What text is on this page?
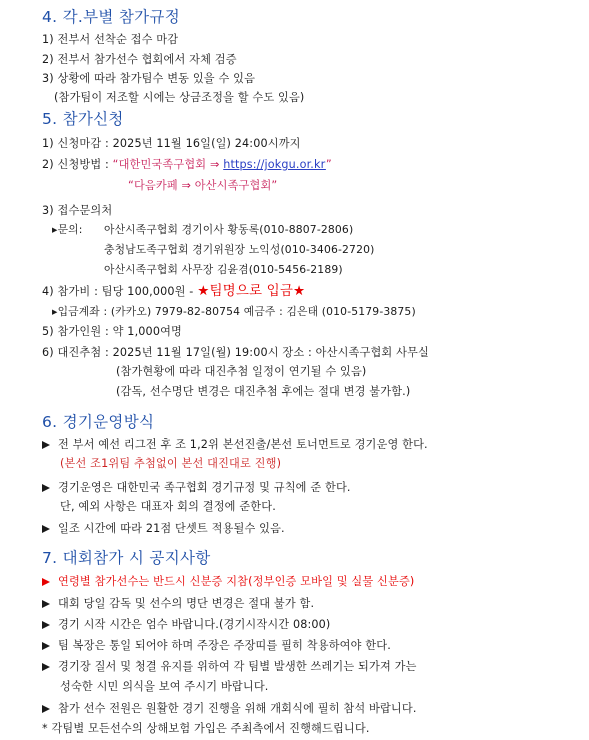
4. 각.부별 참가규정
1) 전부서 선착순 접수 마감
2) 전부서 참가선수 협회에서 자체 검증
3) 상황에 따라 참가팀수 변동 있을 수 있음
(참가팀이 저조할 시에는 상금조정을 할 수도 있음)
5. 참가신청
1) 신청마감 : 2025년 11월 16일(일) 24:00시까지
2) 신청방법 : “대한민국족구협회 ⇒ https://jokgu.or.kr”
“다음카페 ⇒ 아산시족구협회”
3) 접수문의처
▸문의: 아산시족구협회 경기이사 황동록(010-8807-2806)
충청남도족구협회 경기위원장 노익성(010-3406-2720)
아산시족구협회 사무장 김윤겸(010-5456-2189)
4) 참가비 : 팀당 100,000원 - ★팀명으로 입금★
▸입금계좌 : (카카오) 7979-82-80754 예금주 : 김은태 (010-5179-3875)
5) 참가인원 : 약 1,000여명
6) 대진추첨 : 2025년 11월 17일(월) 19:00시 장소 : 아산시족구협회 사무실
(참가현황에 따라 대진추첨 일정이 연기될 수 있음)
(감독, 선수명단 변경은 대진추첨 후에는 절대 변경 불가함.)
6. 경기운영방식
전 부서 예선 리그전 후 조 1,2위 본선진출/본선 토너먼트로 경기운영 한다.
(본선 조1위팀 추첨없이 본선 대진대로 진행)
경기운영은 대한민국 족구협회 경기규정 및 규칙에 준 한다.
단, 예외 사항은 대표자 회의 결정에 준한다.
일조 시간에 따라 21점 단셋트 적용될수 있음.
7. 대회참가 시 공지사항
연령별 참가선수는 반드시 신분증 지참(정부인증 모바일 및 실물 신분증)
대회 당일 감독 및 선수의 명단 변경은 절대 불가 함.
경기 시작 시간은 엄수 바랍니다.(경기시작시간 08:00)
팀 복장은 통일 되어야 하며 주장은 주장띠를 필히 착용하여야 한다.
경기장 질서 및 청결 유지를 위하여 각 팀별 발생한 쓰레기는 되가져 가는
성숙한 시민 의식을 보여 주시기 바랍니다.
참가 선수 전원은 원활한 경기 진행을 위해 개회식에 필히 참석 바랍니다.
* 각팀별 모든선수의 상해보험 가입은 주최측에서 진행해드립니다.
